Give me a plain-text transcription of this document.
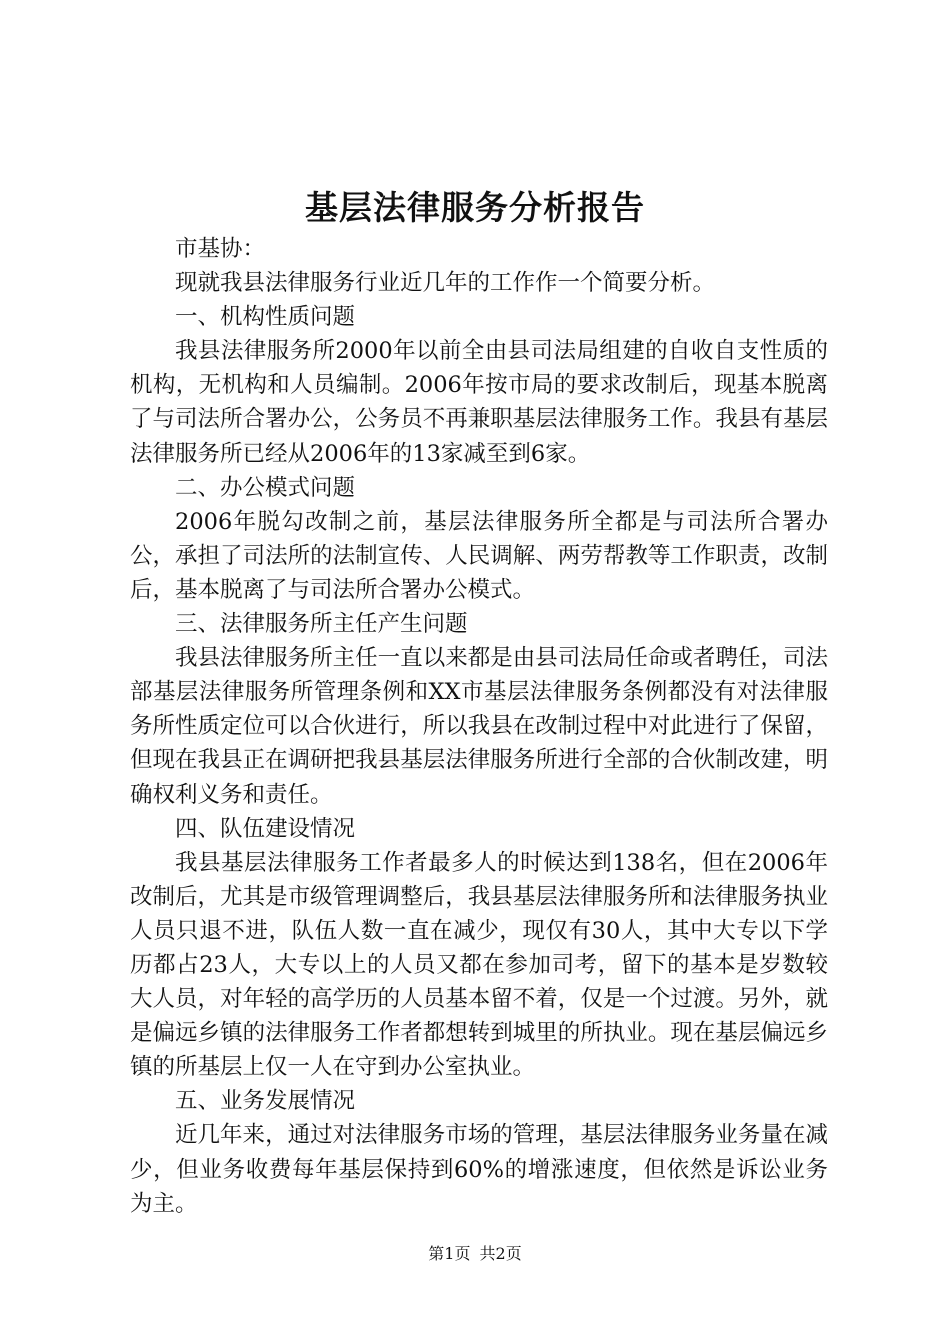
基层法律服务分析报告

市基协：

现就我县法律服务行业近几年的工作作一个简要分析。

一、机构性质问题

我县法律服务所2000年以前全由县司法局组建的自收自支性质的机构，无机构和人员编制。2006年按市局的要求改制后，现基本脱离了与司法所合署办公，公务员不再兼职基层法律服务工作。我县有基层法律服务所已经从2006年的13家减至到6家。

二、办公模式问题

2006年脱勾改制之前，基层法律服务所全都是与司法所合署办公，承担了司法所的法制宣传、人民调解、两劳帮教等工作职责，改制后，基本脱离了与司法所合署办公模式。

三、法律服务所主任产生问题

我县法律服务所主任一直以来都是由县司法局任命或者聘任，司法部基层法律服务所管理条例和XX市基层法律服务条例都没有对法律服务所性质定位可以合伙进行，所以我县在改制过程中对此进行了保留，但现在我县正在调研把我县基层法律服务所进行全部的合伙制改建，明确权利义务和责任。

四、队伍建设情况

我县基层法律服务工作者最多人的时候达到138名，但在2006年改制后，尤其是市级管理调整后，我县基层法律服务所和法律服务执业人员只退不进，队伍人数一直在减少，现仅有30人，其中大专以下学历都占23人，大专以上的人员又都在参加司考，留下的基本是岁数较大人员，对年轻的高学历的人员基本留不着，仅是一个过渡。另外，就是偏远乡镇的法律服务工作者都想转到城里的所执业。现在基层偏远乡镇的所基层上仅一人在守到办公室执业。

五、业务发展情况

近几年来，通过对法律服务市场的管理，基层法律服务业务量在减少，但业务收费每年基层保持到60%的增涨速度，但依然是诉讼业务为主。

第1页 共2页
